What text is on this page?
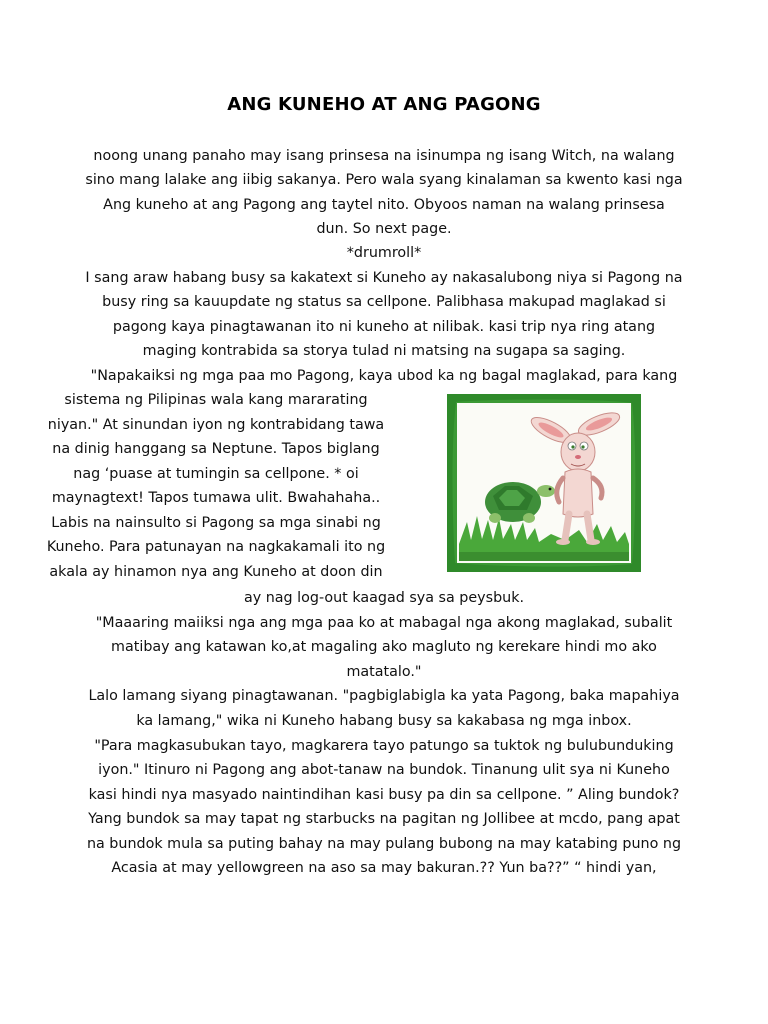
ANG KUNEHO AT ANG PAGONG
noong unang panaho may isang prinsesa na isinumpa ng isang Witch, na walang
sino mang lalake ang iibig sakanya. Pero wala syang kinalaman sa kwento kasi nga
Ang kuneho at ang Pagong ang taytel nito. Obyoos naman na walang prinsesa
dun. So next page.
*drumroll*
I sang araw habang busy sa kakatext si Kuneho ay nakasalubong niya si Pagong na
busy ring sa kauupdate ng status sa cellpone. Palibhasa makupad maglakad si
pagong kaya pinagtawanan ito ni kuneho at nilibak. kasi trip nya ring atang
maging kontrabida sa storya tulad ni matsing na sugapa sa saging.
"Napakaiksi ng mga paa mo Pagong, kaya ubod ka ng bagal maglakad, para kang
sistema ng Pilipinas wala kang mararating
niyan." At sinundan iyon ng kontrabidang tawa
na dinig hanggang sa Neptune. Tapos biglang
nag ‘puase at tumingin sa cellpone. * oi
maynagtext! Tapos tumawa ulit. Bwahahaha..
Labis na nainsulto si Pagong sa mga sinabi ng
Kuneho. Para patunayan na nagkakamali ito ng
akala ay hinamon nya ang Kuneho at doon din
ay nag log-out kaagad sya sa peysbuk.
"Maaaring maiiksi nga ang mga paa ko at mabagal nga akong maglakad, subalit
matibay ang katawan ko,at magaling ako magluto ng kerekare hindi mo ako
matatalo."
Lalo lamang siyang pinagtawanan. "pagbiglabigla ka yata Pagong, baka mapahiya
ka lamang," wika ni Kuneho habang busy sa kakabasa ng mga inbox.
"Para magkasubukan tayo, magkarera tayo patungo sa tuktok ng bulubunduking
iyon." Itinuro ni Pagong ang abot-tanaw na bundok. Tinanung ulit sya ni Kuneho
kasi hindi nya masyado naintindihan kasi busy pa din sa cellpone. ” Aling bundok?
Yang bundok sa may tapat ng starbucks na pagitan ng Jollibee at mcdo, pang apat
na bundok mula sa puting bahay na may pulang bubong na may katabing puno ng
Acasia at may yellowgreen na aso sa may bakuran.?? Yun ba??” “ hindi yan,
